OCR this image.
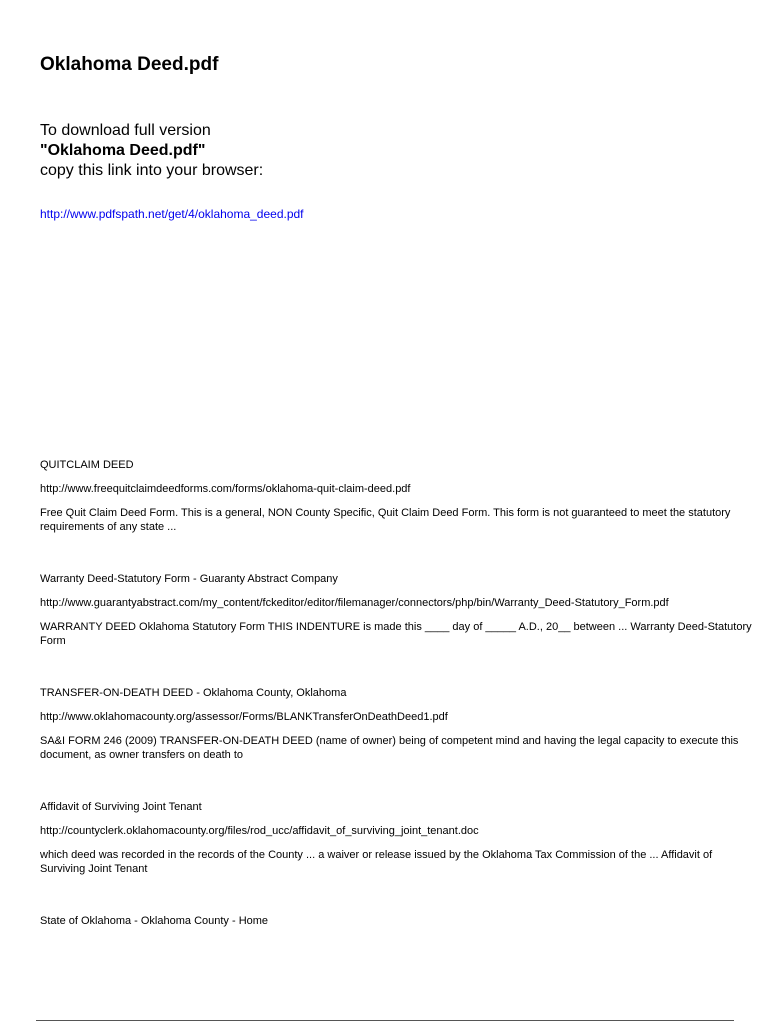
Oklahoma Deed.pdf
To download full version
"Oklahoma Deed.pdf"
copy this link into your browser:
http://www.pdfspath.net/get/4/oklahoma_deed.pdf

QUITCLAIM DEED

http://www.freequitclaimdeedforms.com/forms/oklahoma-quit-claim-deed.pdf

Free Quit Claim Deed Form. This is a general, NON County Specific, Quit Claim Deed Form. This form is not guaranteed to meet the statutory requirements of any state ...

Warranty Deed-Statutory Form - Guaranty Abstract Company

http://www.guarantyabstract.com/my_content/fckeditor/editor/filemanager/connectors/php/bin/Warranty_Deed-Statutory_Form.pdf

WARRANTY DEED Oklahoma Statutory Form THIS INDENTURE is made this ____ day of _____ A.D., 20__ between ... Warranty Deed-Statutory Form

TRANSFER-ON-DEATH DEED - Oklahoma County, Oklahoma

http://www.oklahomacounty.org/assessor/Forms/BLANKTransferOnDeathDeed1.pdf

SA&I FORM 246 (2009) TRANSFER-ON-DEATH DEED (name of owner) being of competent mind and having the legal capacity to execute this document, as owner transfers on death to

Affidavit of Surviving Joint Tenant

http://countyclerk.oklahomacounty.org/files/rod_ucc/affidavit_of_surviving_joint_tenant.doc

which deed was recorded in the records of the County ... a waiver or release issued by the Oklahoma Tax Commission of the ... Affidavit of Surviving Joint Tenant

State of Oklahoma - Oklahoma County - Home
